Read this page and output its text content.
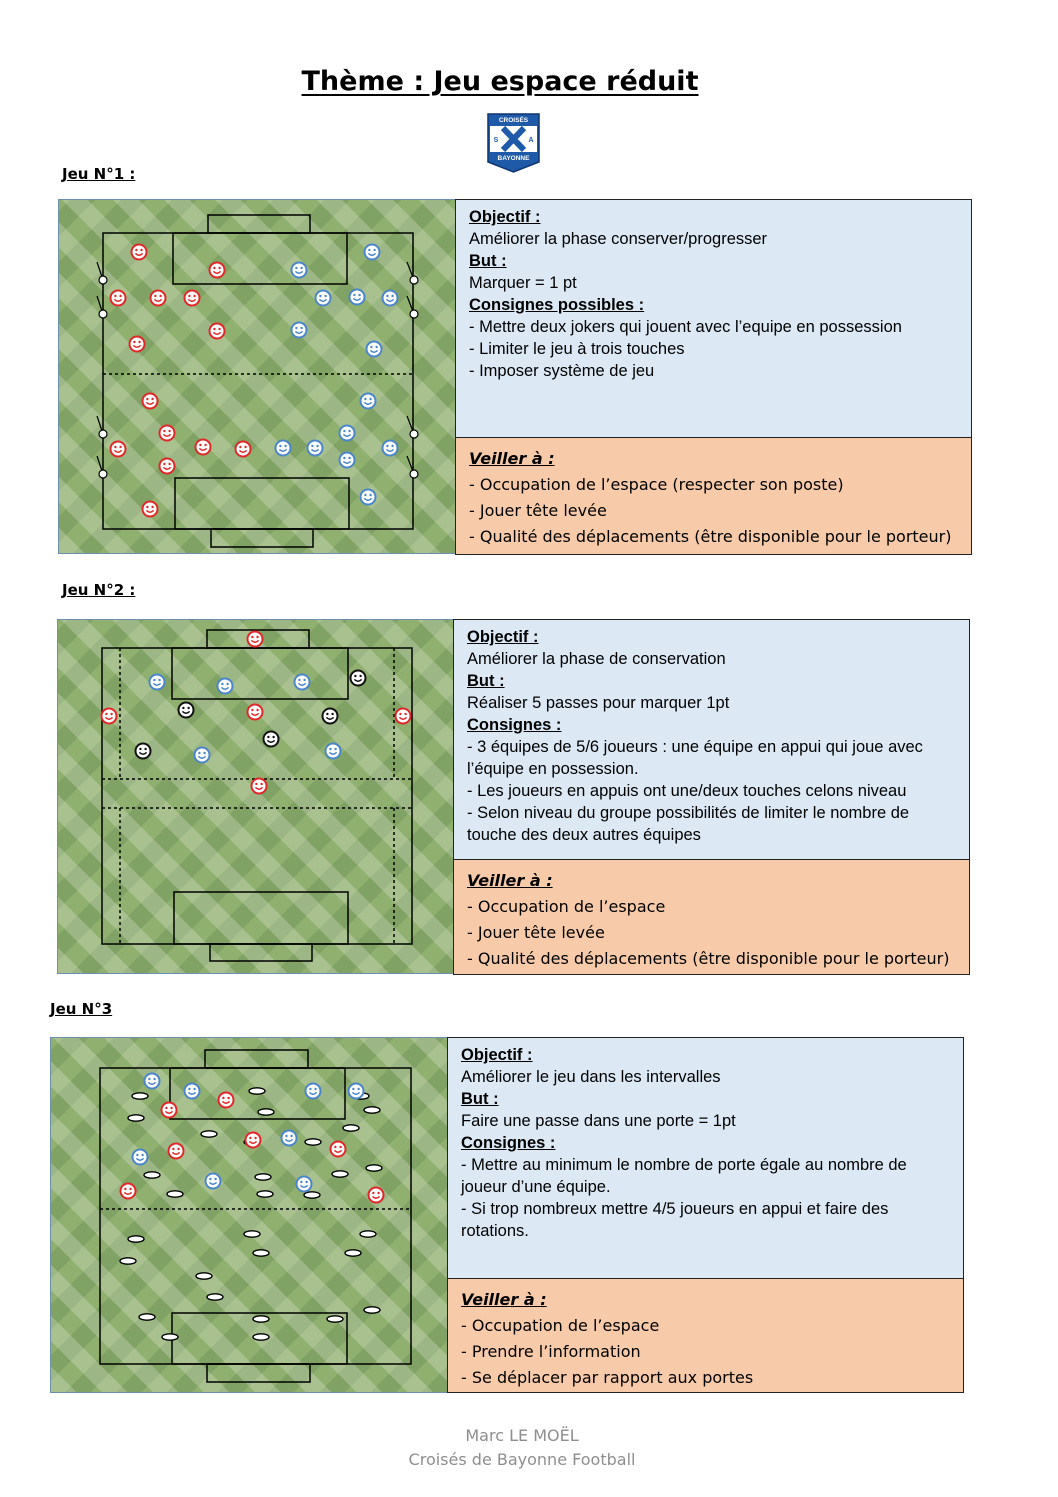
Thème : Jeu espace réduit
CROISÉS
S	A
BAYONNE
Jeu N°1 :
Objectif :
Améliorer la phase conserver/progresser
But :
Marquer = 1 pt
Consignes possibles :
- Mettre deux jokers qui jouent avec l’equipe en possession
- Limiter le jeu à trois touches
- Imposer système de jeu
Veiller à :
- Occupation de l’espace (respecter son poste)
- Jouer tête levée
- Qualité des déplacements (être disponible pour le porteur)
Jeu N°2 :
Objectif :
Améliorer la phase de conservation
But :
Réaliser 5 passes pour marquer 1pt
Consignes :
- 3 équipes de 5/6 joueurs : une équipe en appui qui joue avec l’équipe en possession.
- Les joueurs en appuis ont une/deux touches celons niveau
- Selon niveau du groupe possibilités de limiter le nombre de touche des deux autres équipes
Veiller à :
- Occupation de l’espace
- Jouer tête levée
- Qualité des déplacements (être disponible pour le porteur)
Jeu N°3
Objectif :
Améliorer le jeu dans les intervalles
But :
Faire une passe dans une porte = 1pt
Consignes :
- Mettre au minimum le nombre de porte égale au nombre de joueur d’une équipe.
- Si trop nombreux mettre 4/5 joueurs en appui et faire des rotations.
Veiller à :
- Occupation de l’espace
- Prendre l’information
- Se déplacer par rapport aux portes
Marc LE MOËL
Croisés de Bayonne Football
